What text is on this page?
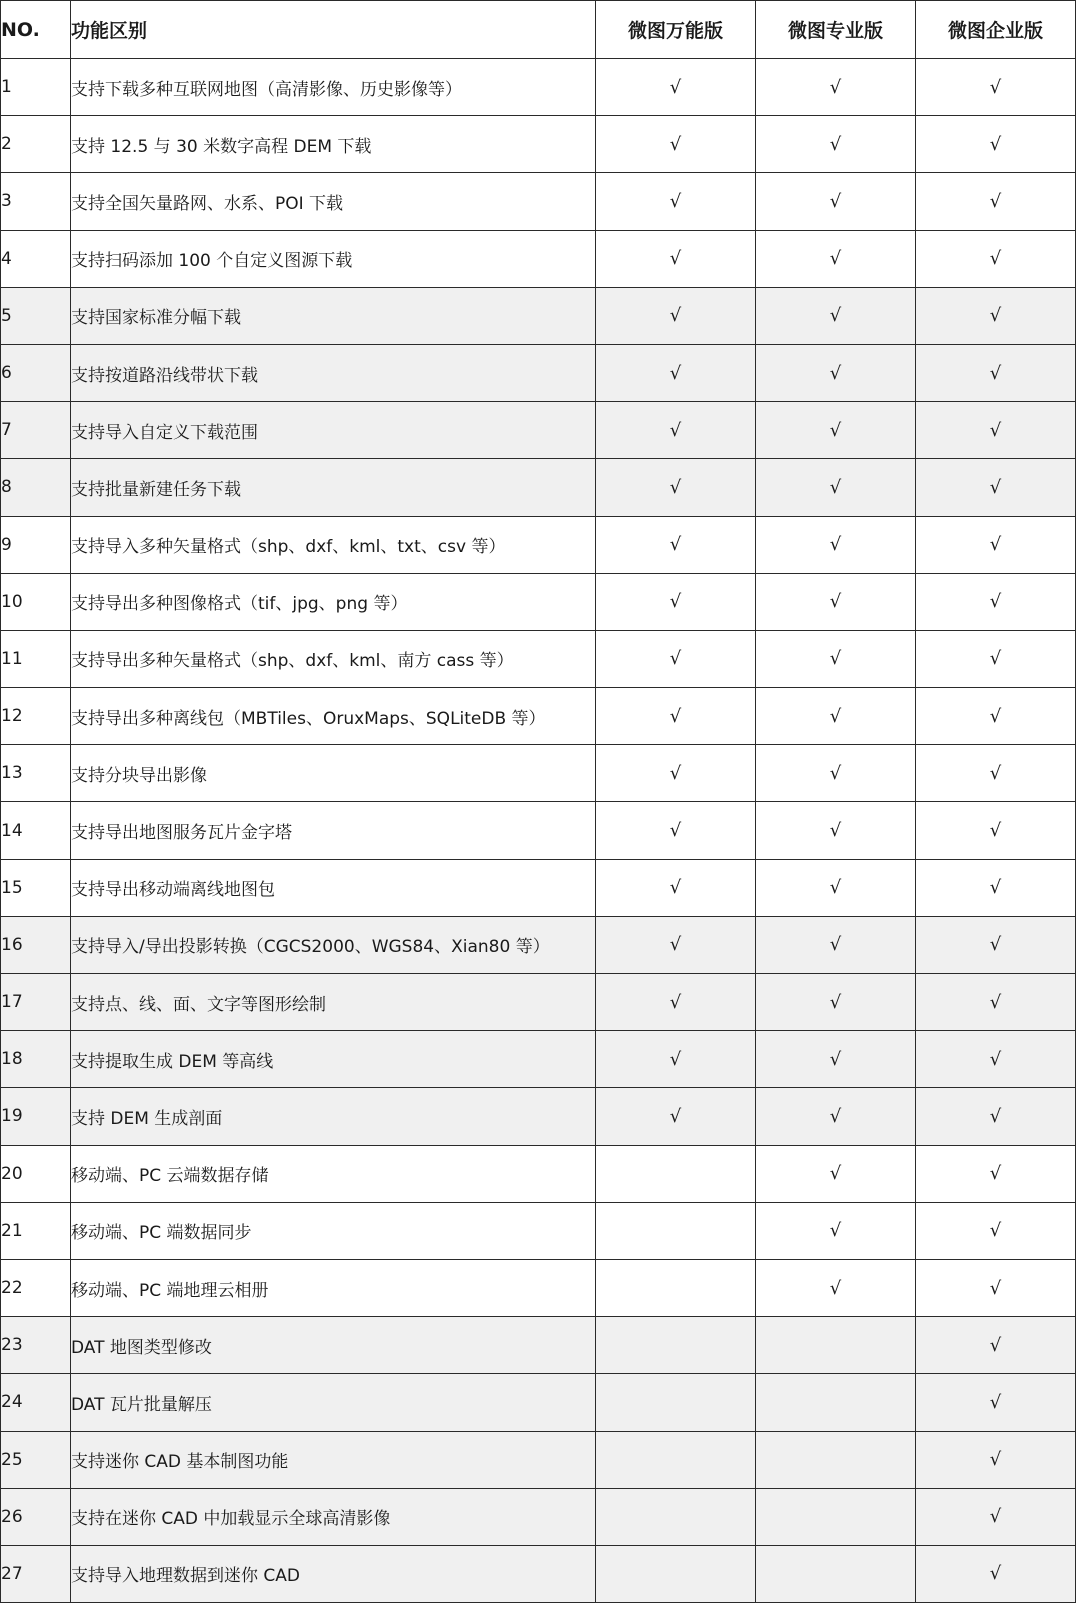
NO.	功能区别	微图万能版	微图专业版	微图企业版
1	支持下载多种互联网地图（高清影像、历史影像等）	√	√	√
2	支持 12.5 与 30 米数字高程 DEM 下载	√	√	√
3	支持全国矢量路网、水系、POI 下载	√	√	√
4	支持扫码添加 100 个自定义图源下载	√	√	√
5	支持国家标准分幅下载	√	√	√
6	支持按道路沿线带状下载	√	√	√
7	支持导入自定义下载范围	√	√	√
8	支持批量新建任务下载	√	√	√
9	支持导入多种矢量格式（shp、dxf、kml、txt、csv 等）	√	√	√
10	支持导出多种图像格式（tif、jpg、png 等）	√	√	√
11	支持导出多种矢量格式（shp、dxf、kml、南方 cass 等）	√	√	√
12	支持导出多种离线包（MBTiles、OruxMaps、SQLiteDB 等）	√	√	√
13	支持分块导出影像	√	√	√
14	支持导出地图服务瓦片金字塔	√	√	√
15	支持导出移动端离线地图包	√	√	√
16	支持导入/导出投影转换（CGCS2000、WGS84、Xian80 等）	√	√	√
17	支持点、线、面、文字等图形绘制	√	√	√
18	支持提取生成 DEM 等高线	√	√	√
19	支持 DEM 生成剖面	√	√	√
20	移动端、PC 云端数据存储		√	√
21	移动端、PC 端数据同步		√	√
22	移动端、PC 端地理云相册		√	√
23	DAT 地图类型修改			√
24	DAT 瓦片批量解压			√
25	支持迷你 CAD 基本制图功能			√
26	支持在迷你 CAD 中加载显示全球高清影像			√
27	支持导入地理数据到迷你 CAD			√
